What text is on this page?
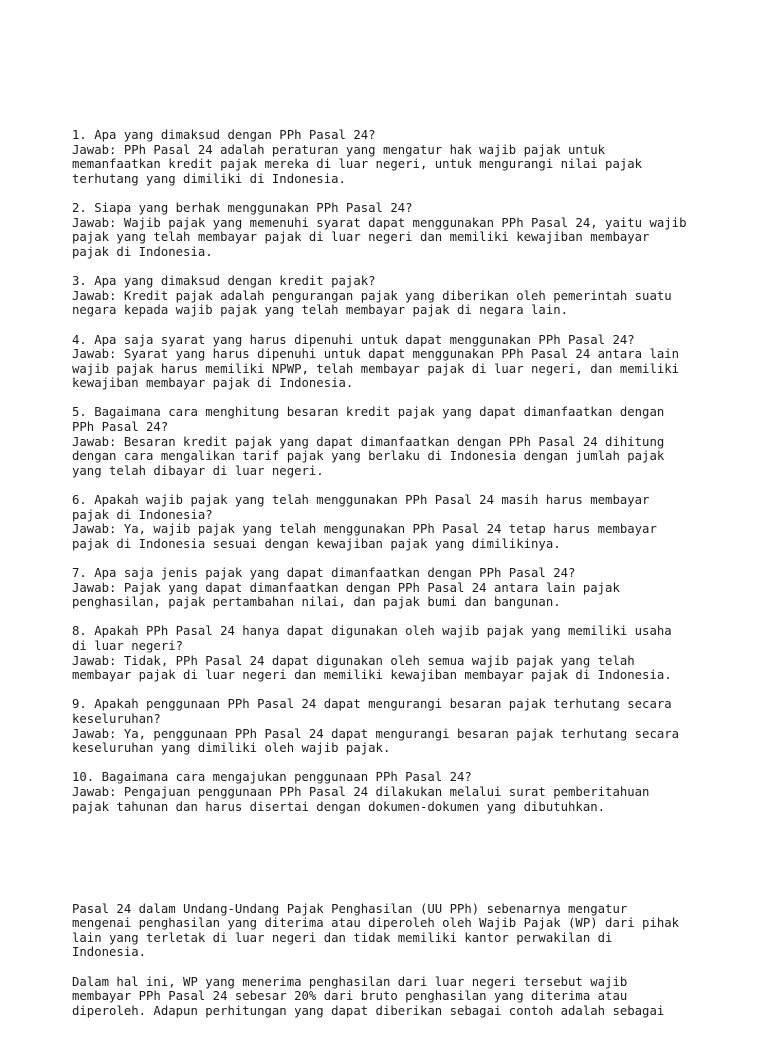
1. Apa yang dimaksud dengan PPh Pasal 24?

Jawab: PPh Pasal 24 adalah peraturan yang mengatur hak wajib pajak untuk

memanfaatkan kredit pajak mereka di luar negeri, untuk mengurangi nilai pajak

terhutang yang dimiliki di Indonesia.

2. Siapa yang berhak menggunakan PPh Pasal 24?

Jawab: Wajib pajak yang memenuhi syarat dapat menggunakan PPh Pasal 24, yaitu wajib

pajak yang telah membayar pajak di luar negeri dan memiliki kewajiban membayar

pajak di Indonesia.

3. Apa yang dimaksud dengan kredit pajak?

Jawab: Kredit pajak adalah pengurangan pajak yang diberikan oleh pemerintah suatu

negara kepada wajib pajak yang telah membayar pajak di negara lain.

4. Apa saja syarat yang harus dipenuhi untuk dapat menggunakan PPh Pasal 24?

Jawab: Syarat yang harus dipenuhi untuk dapat menggunakan PPh Pasal 24 antara lain

wajib pajak harus memiliki NPWP, telah membayar pajak di luar negeri, dan memiliki

kewajiban membayar pajak di Indonesia.

5. Bagaimana cara menghitung besaran kredit pajak yang dapat dimanfaatkan dengan

PPh Pasal 24?

Jawab: Besaran kredit pajak yang dapat dimanfaatkan dengan PPh Pasal 24 dihitung

dengan cara mengalikan tarif pajak yang berlaku di Indonesia dengan jumlah pajak

yang telah dibayar di luar negeri.

6. Apakah wajib pajak yang telah menggunakan PPh Pasal 24 masih harus membayar

pajak di Indonesia?

Jawab: Ya, wajib pajak yang telah menggunakan PPh Pasal 24 tetap harus membayar

pajak di Indonesia sesuai dengan kewajiban pajak yang dimilikinya.

7. Apa saja jenis pajak yang dapat dimanfaatkan dengan PPh Pasal 24?

Jawab: Pajak yang dapat dimanfaatkan dengan PPh Pasal 24 antara lain pajak

penghasilan, pajak pertambahan nilai, dan pajak bumi dan bangunan.

8. Apakah PPh Pasal 24 hanya dapat digunakan oleh wajib pajak yang memiliki usaha

di luar negeri?

Jawab: Tidak, PPh Pasal 24 dapat digunakan oleh semua wajib pajak yang telah

membayar pajak di luar negeri dan memiliki kewajiban membayar pajak di Indonesia.

9. Apakah penggunaan PPh Pasal 24 dapat mengurangi besaran pajak terhutang secara

keseluruhan?

Jawab: Ya, penggunaan PPh Pasal 24 dapat mengurangi besaran pajak terhutang secara

keseluruhan yang dimiliki oleh wajib pajak.

10. Bagaimana cara mengajukan penggunaan PPh Pasal 24?

Jawab: Pengajuan penggunaan PPh Pasal 24 dilakukan melalui surat pemberitahuan

pajak tahunan dan harus disertai dengan dokumen-dokumen yang dibutuhkan.

Pasal 24 dalam Undang-Undang Pajak Penghasilan (UU PPh) sebenarnya mengatur

mengenai penghasilan yang diterima atau diperoleh oleh Wajib Pajak (WP) dari pihak

lain yang terletak di luar negeri dan tidak memiliki kantor perwakilan di

Indonesia.

Dalam hal ini, WP yang menerima penghasilan dari luar negeri tersebut wajib

membayar PPh Pasal 24 sebesar 20% dari bruto penghasilan yang diterima atau

diperoleh. Adapun perhitungan yang dapat diberikan sebagai contoh adalah sebagai
